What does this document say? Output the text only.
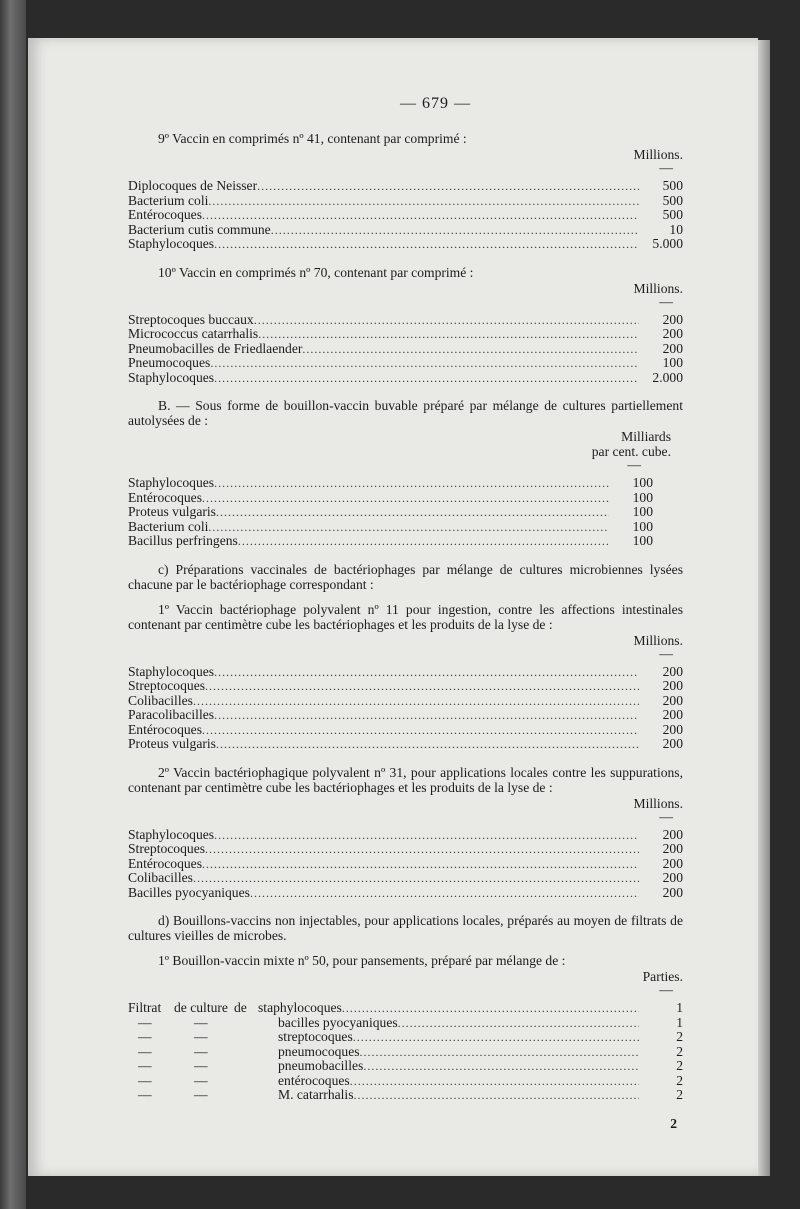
— 679 —

9º Vaccin en comprimés nº 41, contenant par comprimé :

Millions.
—
Diplocoques de Neisser .....	500
Bacterium coli .....	500
Entérocoques .....	500
Bacterium cutis commune .....	10
Staphylocoques .....	5.000

10º Vaccin en comprimés nº 70, contenant par comprimé :

Millions.
—
Streptocoques buccaux .....	200
Micrococcus catarrhalis .....	200
Pneumobacilles de Friedlaender .....	200
Pneumocoques .....	100
Staphylocoques .....	2.000

B. — Sous forme de bouillon-vaccin buvable préparé par mélange de cultures partiellement autolysées de :

Milliards
par cent. cube.
—
Staphylocoques .....	100
Entérocoques .....	100
Proteus vulgaris .....	100
Bacterium coli .....	100
Bacillus perfringens .....	100

c) Préparations vaccinales de bactériophages par mélange de cultures microbiennes lysées chacune par le bactériophage correspondant :

1º Vaccin bactériophage polyvalent nº 11 pour ingestion, contre les affections intestinales contenant par centimètre cube les bactériophages et les produits de la lyse de :

Millions.
—
Staphylocoques .....	200
Streptocoques .....	200
Colibacilles .....	200
Paracolibacilles .....	200
Entérocoques .....	200
Proteus vulgaris .....	200

2º Vaccin bactériophagique polyvalent nº 31, pour applications locales contre les suppurations, contenant par centimètre cube les bactériophages et les produits de la lyse de :

Millions.
—
Staphylocoques .....	200
Streptocoques .....	200
Entérocoques .....	200
Colibacilles .....	200
Bacilles pyocyaniques .....	200

d) Bouillons-vaccins non injectables, pour applications locales, préparés au moyen de filtrats de cultures vieilles de microbes.

1º Bouillon-vaccin mixte nº 50, pour pansements, préparé par mélange de :

Parties.
—
Filtrat de culture de staphylocoques .....	1
—	—	bacilles pyocyaniques .....	1
—	—	streptocoques .....	2
—	—	pneumocoques .....	2
—	—	pneumobacilles .....	2
—	—	entérocoques .....	2
—	—	M. catarrhalis .....	2
2
